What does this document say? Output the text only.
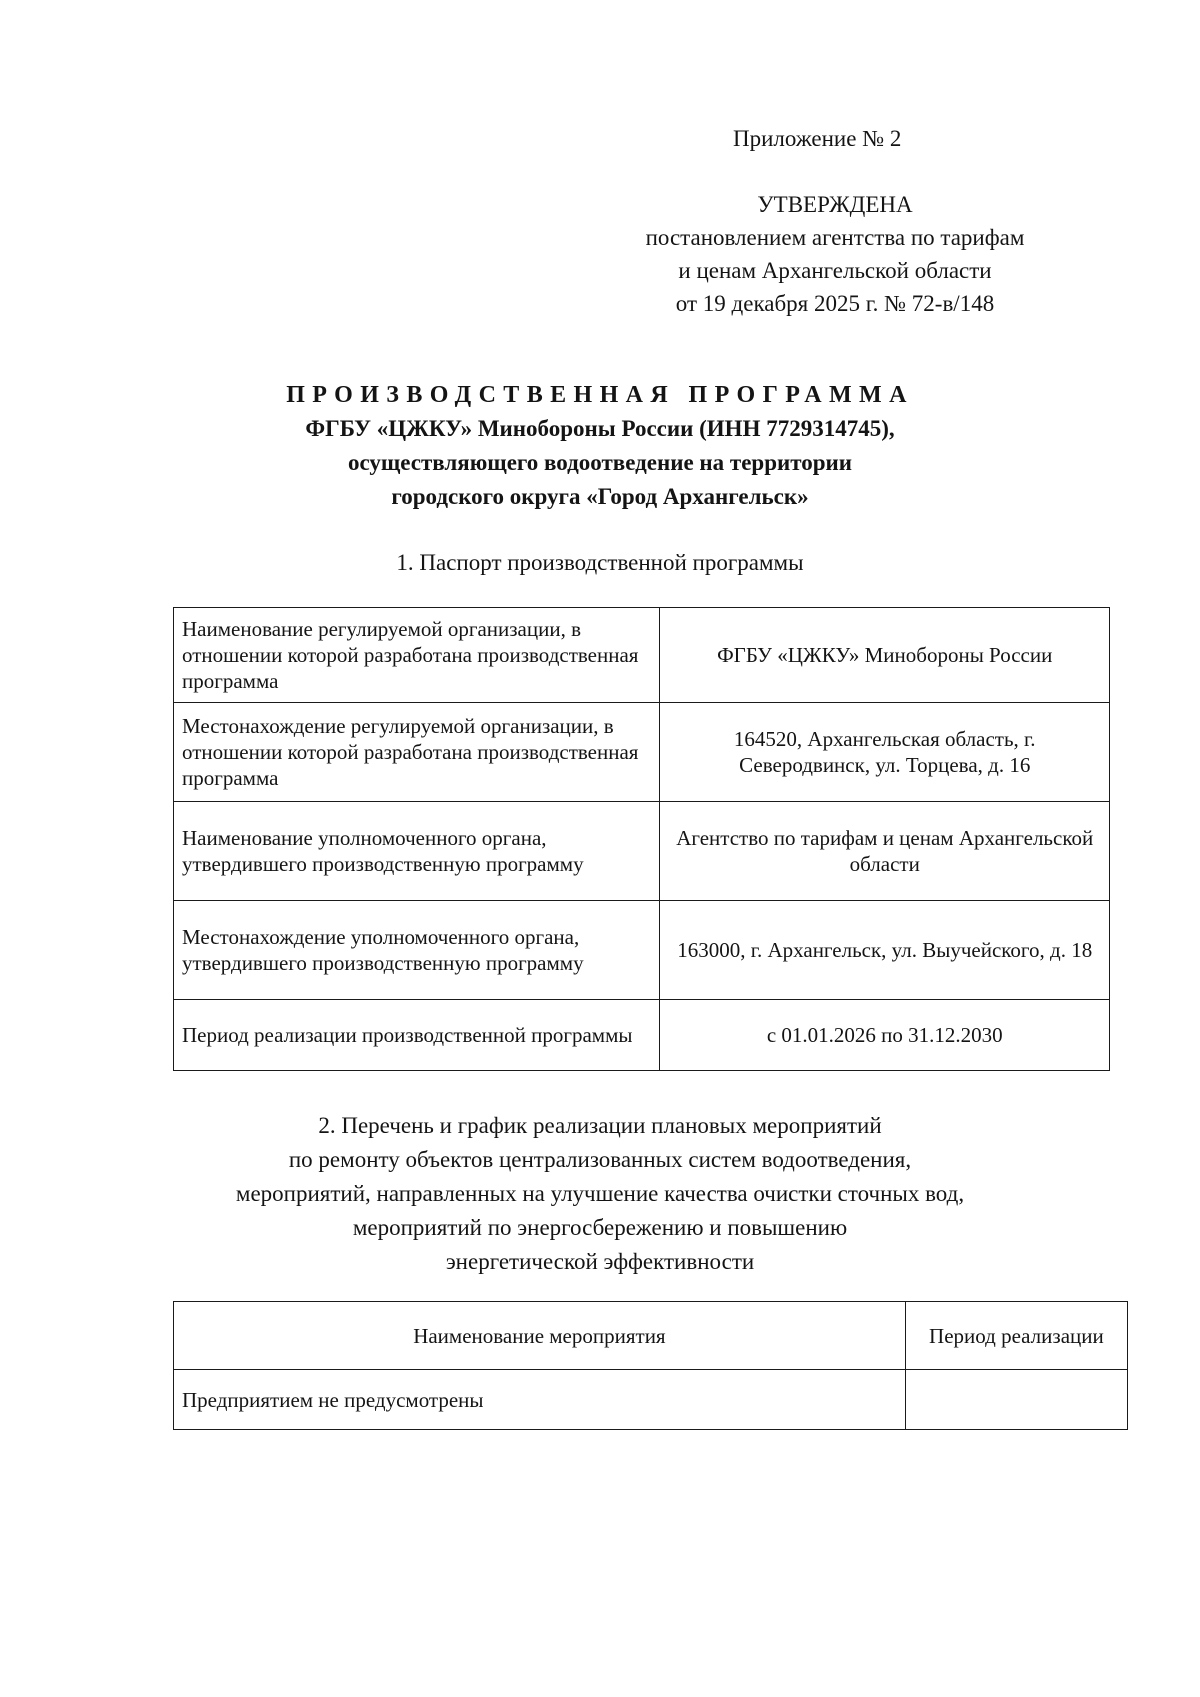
Приложение № 2
УТВЕРЖДЕНА
постановлением агентства по тарифам
и ценам Архангельской области
от 19 декабря 2025 г. № 72-в/148
ПРОИЗВОДСТВЕННАЯ ПРОГРАММА
ФГБУ «ЦЖКУ» Минобороны России (ИНН 7729314745),
осуществляющего водоотведение на территории
городского округа «Город Архангельск»
1. Паспорт производственной программы
Наименование регулируемой организации, в отношении которой разработана производственная программа	ФГБУ «ЦЖКУ» Минобороны России
Местонахождение регулируемой организации, в отношении которой разработана производственная программа	164520, Архангельская область, г. Северодвинск, ул. Торцева, д. 16
Наименование уполномоченного органа, утвердившего производственную программу	Агентство по тарифам и ценам Архангельской области
Местонахождение уполномоченного органа, утвердившего производственную программу	163000, г. Архангельск, ул. Выучейского, д. 18
Период реализации производственной программы	с 01.01.2026 по 31.12.2030
2. Перечень и график реализации плановых мероприятий
по ремонту объектов централизованных систем водоотведения,
мероприятий, направленных на улучшение качества очистки сточных вод,
мероприятий по энергосбережению и повышению
энергетической эффективности
Наименование мероприятия	Период реализации
Предприятием не предусмотрены	
